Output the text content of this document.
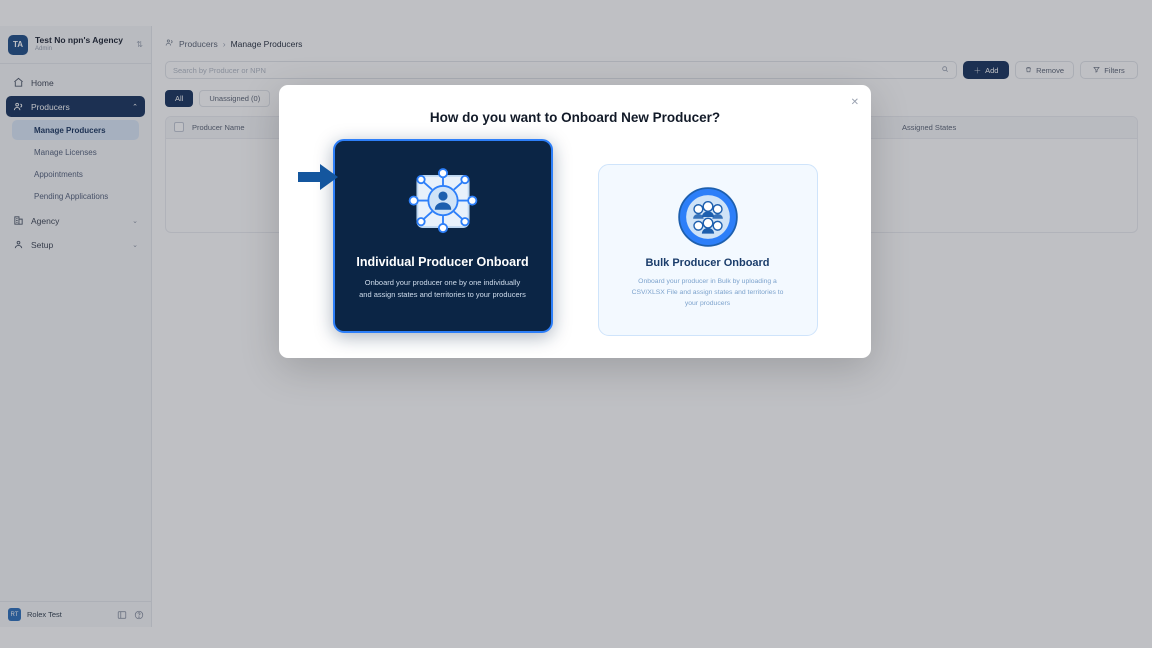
TA	Test No npn's Agency
Admin
⇅
Home
Producers	⌃
Manage Producers
Manage Licenses
Appointments
Pending Applications
Agency	⌄
Setup	⌄
RT	Rolex Test
Producers › Manage Producers
Search by Producer or NPN	＋ Add	Remove	Filters
All	Unassigned (0)
Producer Name	Assigned States
✕
How do you want to Onboard New Producer?
Individual Producer Onboard
Onboard your producer one by one individually and assign states and territories to your producers
Bulk Producer Onboard
Onboard your producer in Bulk by uploading a CSV/XLSX File and assign states and territories to your producers
